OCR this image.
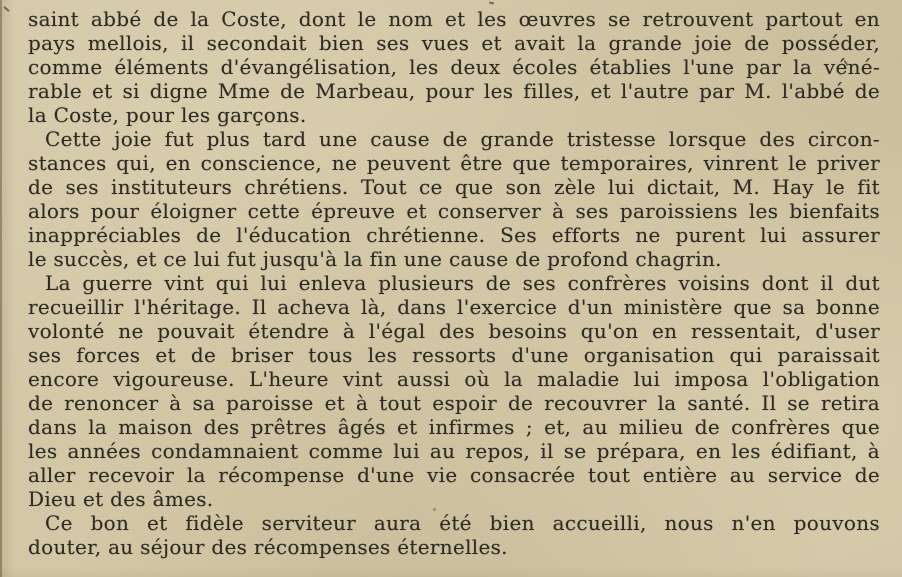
saint abbé de la Coste, dont le nom et les œuvres se retrouvent partout en
pays mellois, il secondait bien ses vues et avait la grande joie de posséder,
comme éléments d'évangélisation, les deux écoles établies l'une par la véné-
rable et si digne Mme de Marbeau, pour les filles, et l'autre par M. l'abbé de
la Coste, pour les garçons.
Cette joie fut plus tard une cause de grande tristesse lorsque des circon-
stances qui, en conscience, ne peuvent être que temporaires, vinrent le priver
de ses instituteurs chrétiens. Tout ce que son zèle lui dictait, M. Hay le fit
alors pour éloigner cette épreuve et conserver à ses paroissiens les bienfaits
inappréciables de l'éducation chrétienne. Ses efforts ne purent lui assurer
le succès, et ce lui fut jusqu'à la fin une cause de profond chagrin.
La guerre vint qui lui enleva plusieurs de ses confrères voisins dont il dut
recueillir l'héritage. Il acheva là, dans l'exercice d'un ministère que sa bonne
volonté ne pouvait étendre à l'égal des besoins qu'on en ressentait, d'user
ses forces et de briser tous les ressorts d'une organisation qui paraissait
encore vigoureuse. L'heure vint aussi où la maladie lui imposa l'obligation
de renoncer à sa paroisse et à tout espoir de recouvrer la santé. Il se retira
dans la maison des prêtres âgés et infirmes ; et, au milieu de confrères que
les années condamnaient comme lui au repos, il se prépara, en les édifiant, à
aller recevoir la récompense d'une vie consacrée tout entière au service de
Dieu et des âmes.
Ce bon et fidèle serviteur aura été bien accueilli, nous n'en pouvons
douter, au séjour des récompenses éternelles.
